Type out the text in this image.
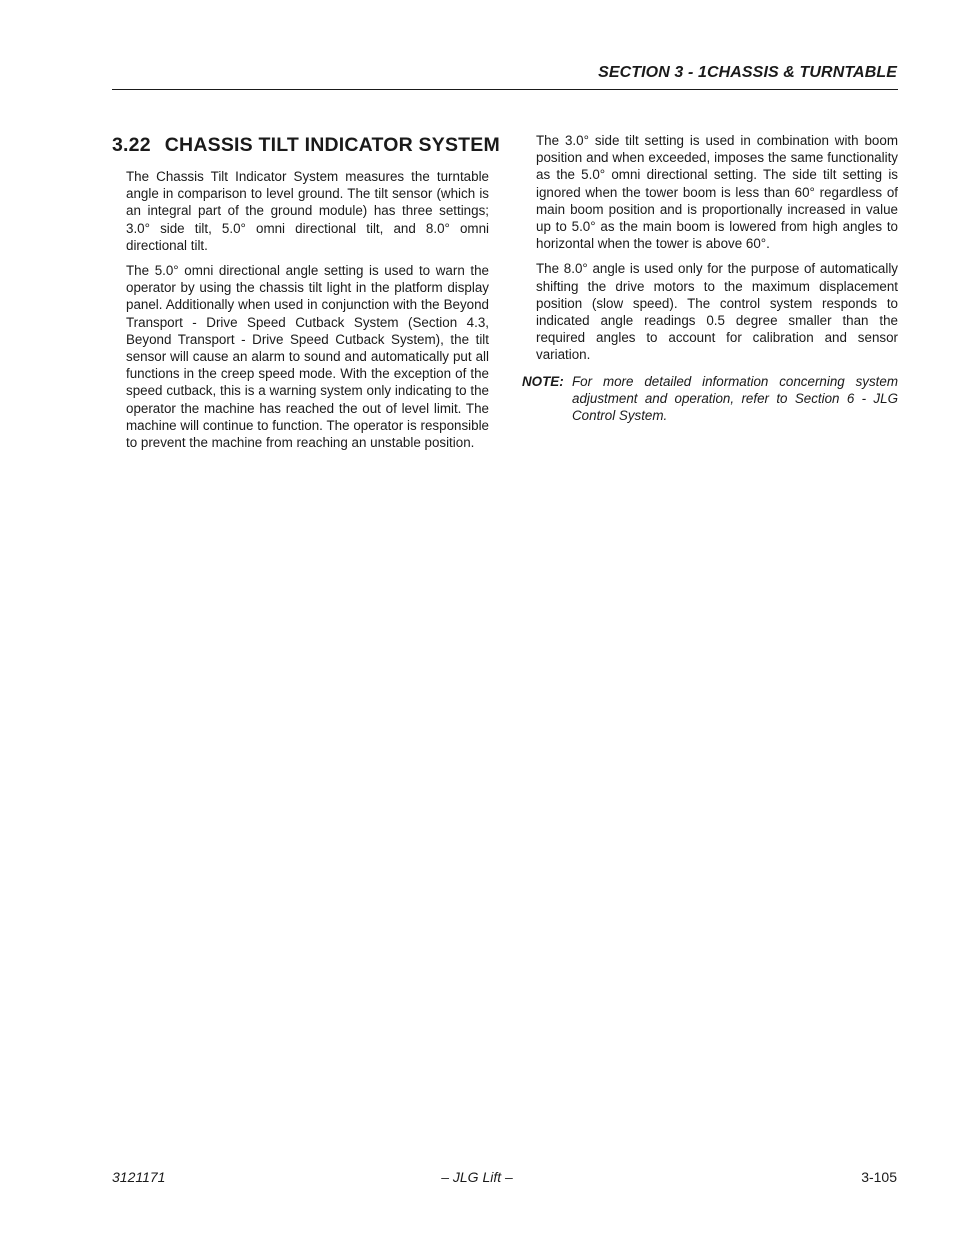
SECTION 3 - 1CHASSIS & TURNTABLE
3.22 CHASSIS TILT INDICATOR SYSTEM

The Chassis Tilt Indicator System measures the turntable angle in comparison to level ground. The tilt sensor (which is an integral part of the ground module) has three settings; 3.0° side tilt, 5.0° omni directional tilt, and 8.0° omni directional tilt.

The 5.0° omni directional angle setting is used to warn the operator by using the chassis tilt light in the platform display panel. Additionally when used in conjunction with the Beyond Transport - Drive Speed Cutback System (Section 4.3, Beyond Transport - Drive Speed Cutback System), the tilt sensor will cause an alarm to sound and automatically put all functions in the creep speed mode. With the exception of the speed cutback, this is a warning system only indicating to the operator the machine has reached the out of level limit. The machine will continue to function. The operator is responsible to prevent the machine from reaching an unstable position.

The 3.0° side tilt setting is used in combination with boom position and when exceeded, imposes the same functionality as the 5.0° omni directional setting. The side tilt setting is ignored when the tower boom is less than 60° regardless of main boom position and is proportionally increased in value up to 5.0° as the main boom is lowered from high angles to horizontal when the tower is above 60°.

The 8.0° angle is used only for the purpose of automatically shifting the drive motors to the maximum displacement position (slow speed). The control system responds to indicated angle readings 0.5 degree smaller than the required angles to account for calibration and sensor variation.

NOTE: For more detailed information concerning system adjustment and operation, refer to Section 6 - JLG Control System.
3121171	– JLG Lift –	3-105
